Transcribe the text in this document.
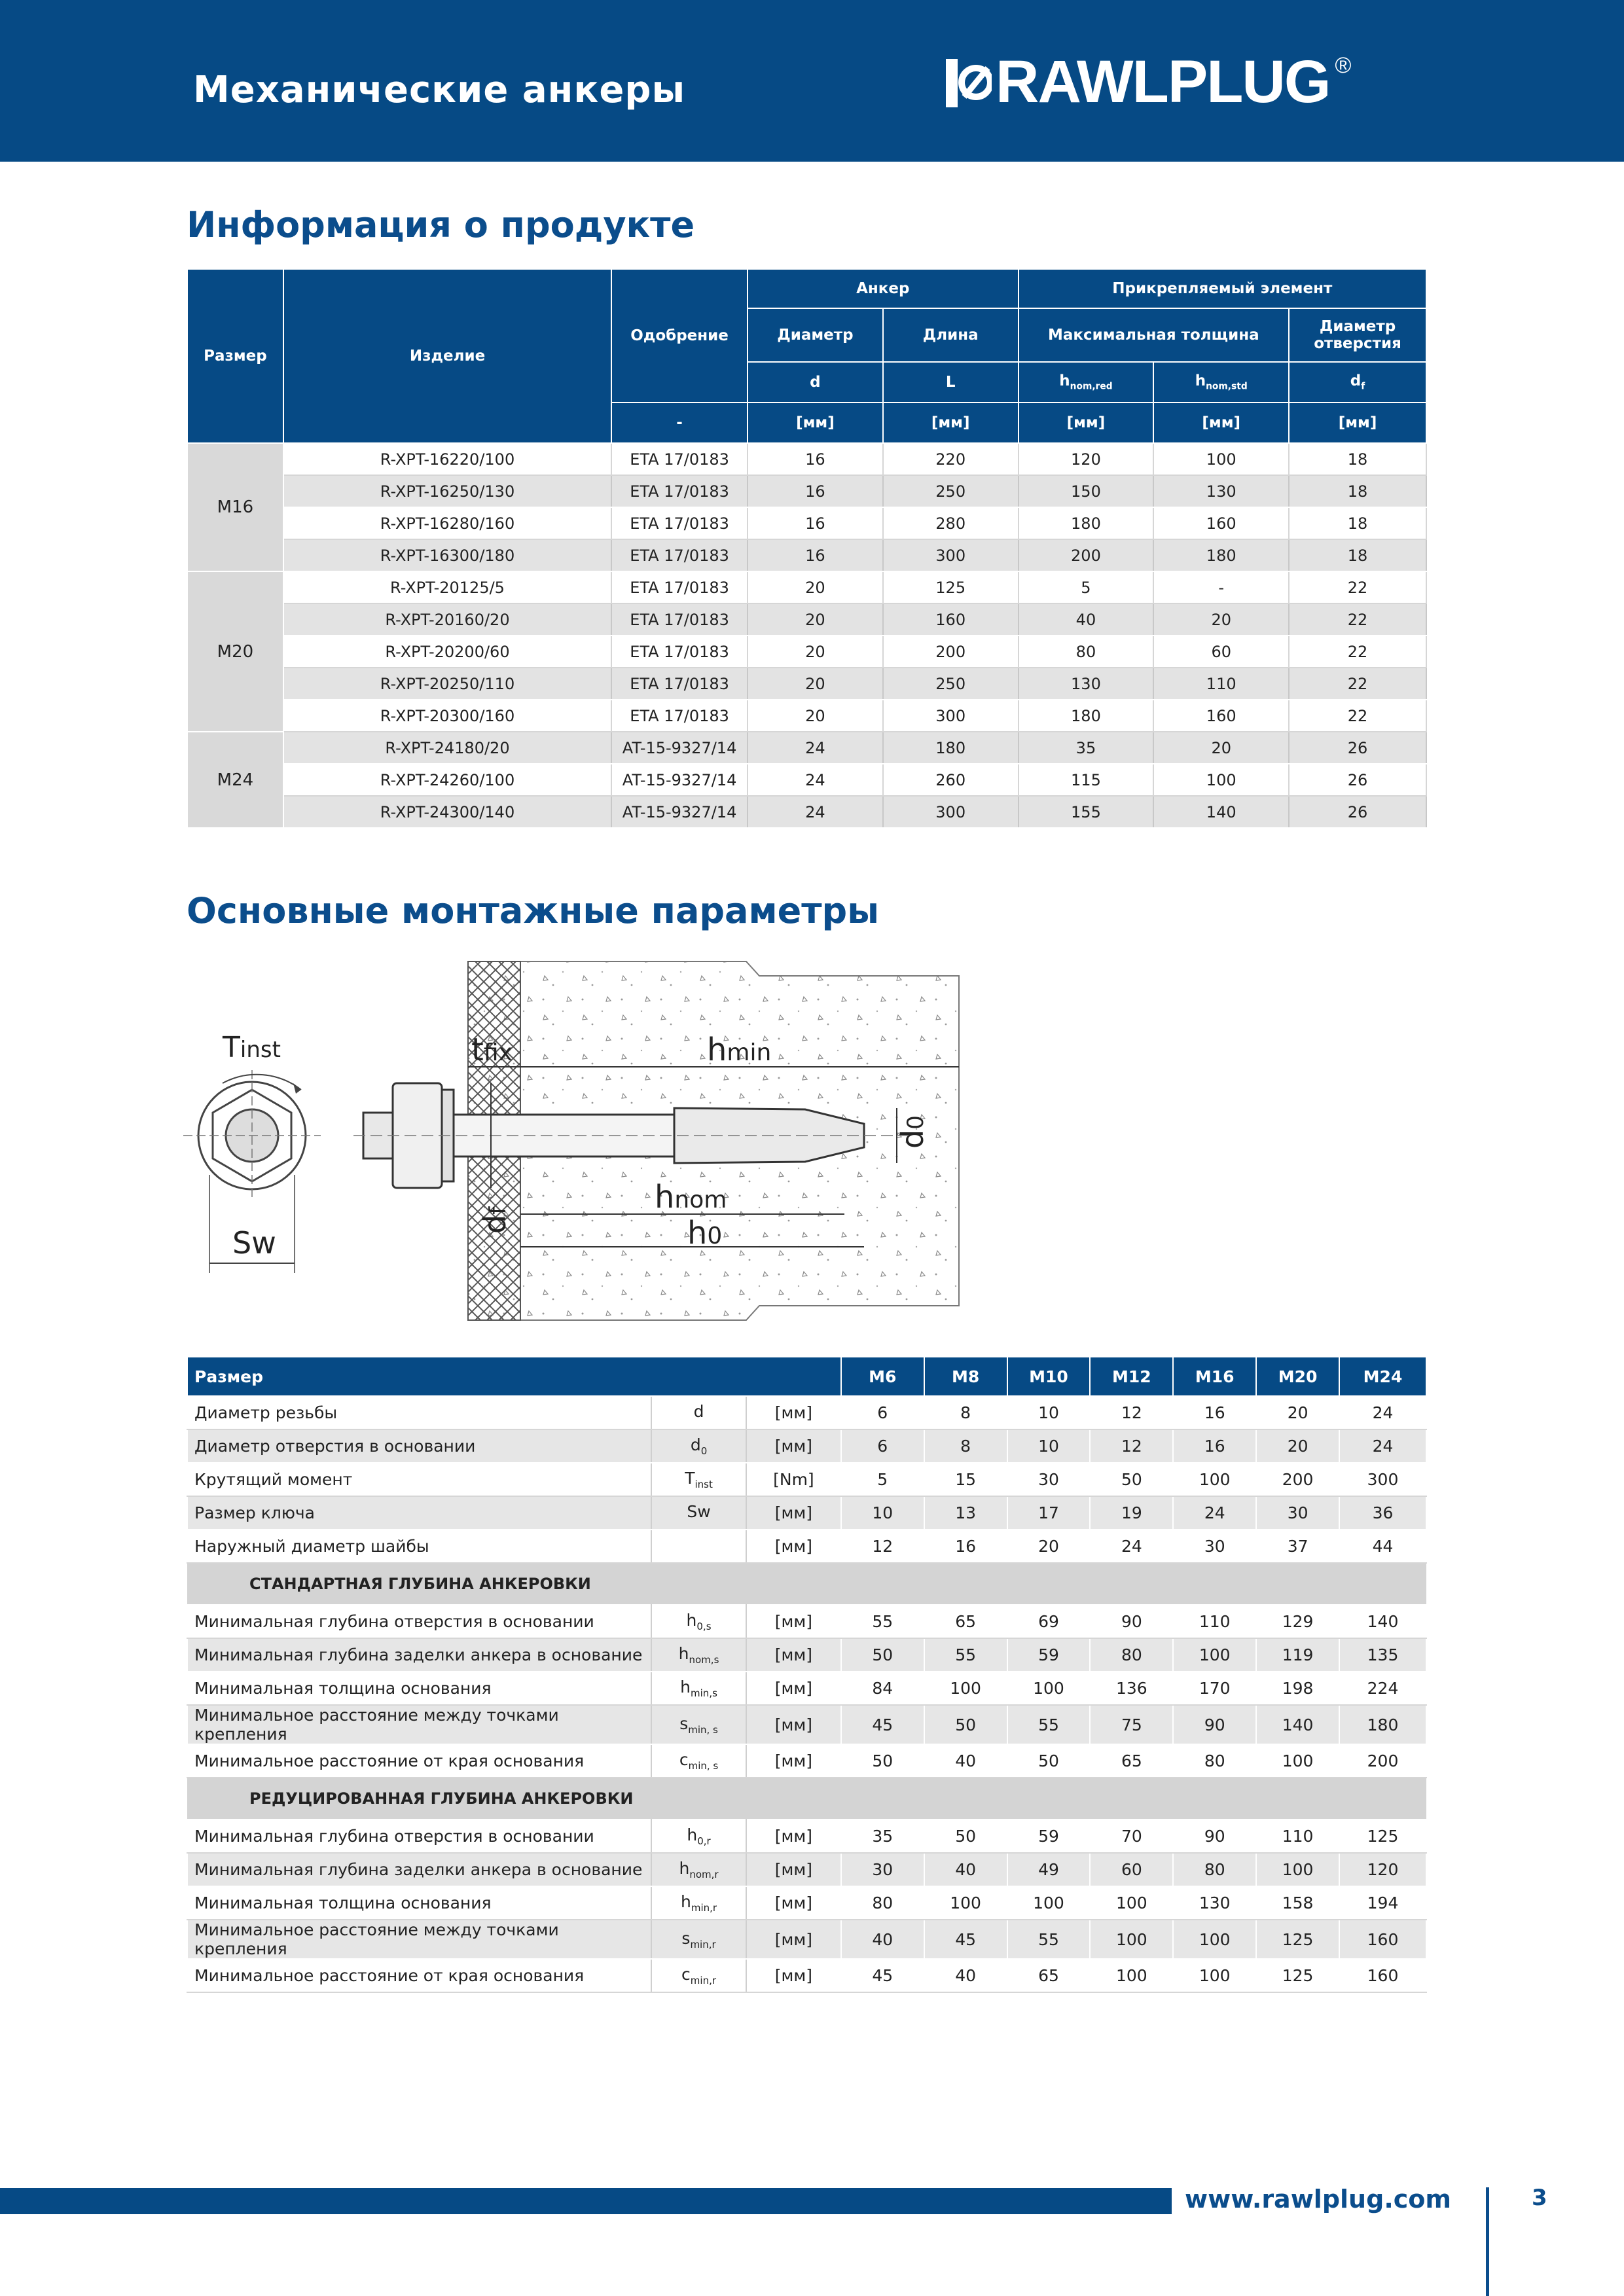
Механические анкеры	RAWLPLUG ®
Информация о продукте
Размер	Изделие	Одобрение	Анкер		Прикрепляемый элемент		
			Диаметр	Длина	Максимальная толщина		Диаметр
отверстия
			d	L	$h_{nom,red}$	$h_{nom,std}$	$d_f$
		-	[мм]	[мм]	[мм]	[мм]	[мм]
M16	R-XPT-16220/100	ETA 17/0183	16	220	120	100	18
	R-XPT-16250/130	ETA 17/0183	16	250	150	130	18
	R-XPT-16280/160	ETA 17/0183	16	280	180	160	18
	R-XPT-16300/180	ETA 17/0183	16	300	200	180	18
M20	R-XPT-20125/5	ETA 17/0183	20	125	5	-	22
	R-XPT-20160/20	ETA 17/0183	20	160	40	20	22
	R-XPT-20200/60	ETA 17/0183	20	200	80	60	22
	R-XPT-20250/110	ETA 17/0183	20	250	130	110	22
	R-XPT-20300/160	ETA 17/0183	20	300	180	160	22
M24	R-XPT-24180/20	AT-15-9327/14	24	180	35	20	26
	R-XPT-24260/100	AT-15-9327/14	24	260	115	100	26
	R-XPT-24300/140	AT-15-9327/14	24	300	155	140	26
Основные монтажные параметры
Tinst
Sw
tfix	hmin
hnom
h0
d0
df
Размер			M6	M8	M10	M12	M16	M20	M24
Диаметр резьбы	d	[мм]	6	8	10	12	16	20	24
Диаметр отверстия в основании	$d_0$	[мм]	6	8	10	12	16	20	24
Крутящий момент	$T_{inst}$	[Nm]	5	15	30	50	100	200	300
Размер ключа	Sw	[мм]	10	13	17	19	24	30	36
Наружный диаметр шайбы		[мм]	12	16	20	24	30	37	44
СТАНДАРТНАЯ ГЛУБИНА АНКЕРОВКИ									
Минимальная глубина отверстия в основании	$h_{0,s}$	[мм]	55	65	69	90	110	129	140
Минимальная глубина заделки анкера в основание	$h_{nom,s}$	[мм]	50	55	59	80	100	119	135
Минимальная толщина основания	$h_{min,s}$	[мм]	84	100	100	136	170	198	224
Минимальное расстояние между точками крепления	$s_{min, s}$	[мм]	45	50	55	75	90	140	180
Минимальное расстояние от края основания	$c_{min, s}$	[мм]	50	40	50	65	80	100	200
РЕДУЦИРОВАННАЯ ГЛУБИНА АНКЕРОВКИ									
Минимальная глубина отверстия в основании	$h_{0,r}$	[мм]	35	50	59	70	90	110	125
Минимальная глубина заделки анкера в основание	$h_{nom,r}$	[мм]	30	40	49	60	80	100	120
Минимальная толщина основания	$h_{min,r}$	[мм]	80	100	100	100	130	158	194
Минимальное расстояние между точками крепления	$s_{min,r}$	[мм]	40	45	55	100	100	125	160
Минимальное расстояние от края основания	$c_{min,r}$	[мм]	45	40	65	100	100	125	160
www.rawlplug.com	3
